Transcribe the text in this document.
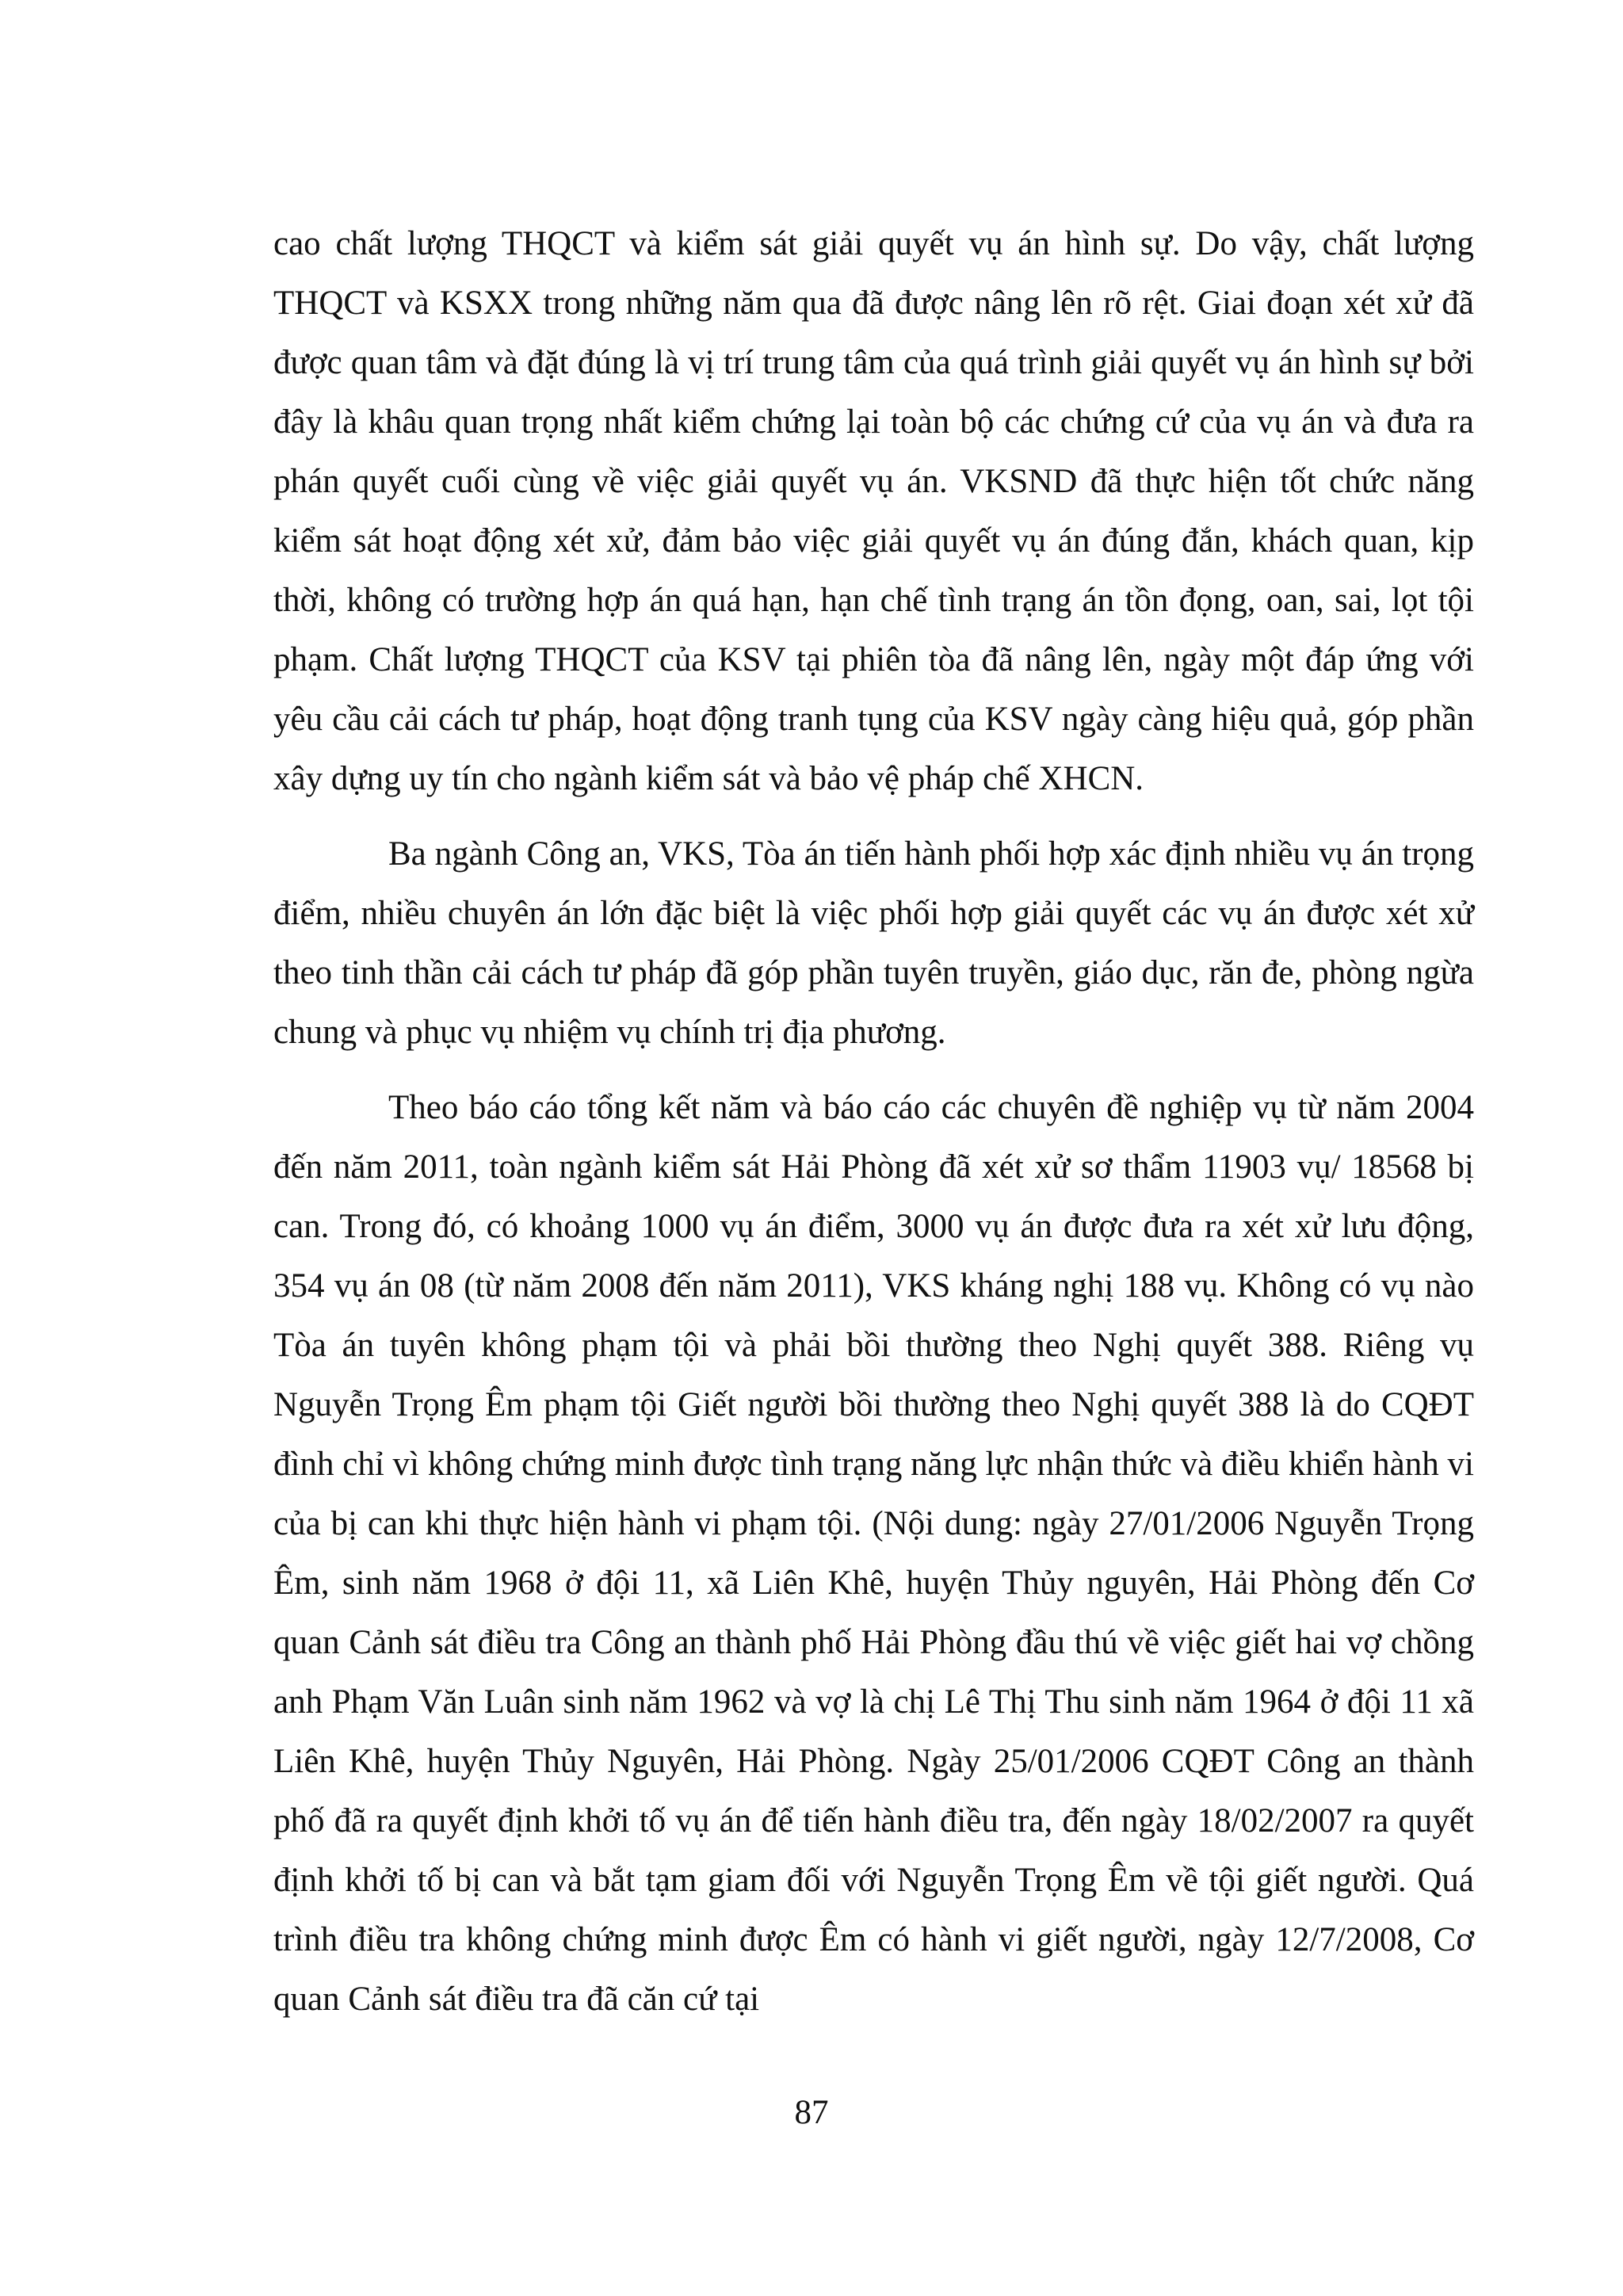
cao chất lượng THQCT và kiểm sát giải quyết vụ án hình sự. Do vậy, chất lượng THQCT và KSXX trong những năm qua đã được nâng lên rõ rệt. Giai đoạn xét xử đã được quan tâm và đặt đúng là vị trí trung tâm của quá trình giải quyết vụ án hình sự bởi đây là khâu quan trọng nhất kiểm chứng lại toàn bộ các chứng cứ của vụ án và đưa ra phán quyết cuối cùng về việc giải quyết vụ án. VKSND đã thực hiện tốt chức năng kiểm sát hoạt động xét xử, đảm bảo việc giải quyết vụ án đúng đắn, khách quan, kịp thời, không có trường hợp án quá hạn, hạn chế tình trạng án tồn đọng, oan, sai, lọt tội phạm. Chất lượng THQCT của KSV tại phiên tòa đã nâng lên, ngày một đáp ứng với yêu cầu cải cách tư pháp, hoạt động tranh tụng của KSV ngày càng hiệu quả, góp phần xây dựng uy tín cho ngành kiểm sát và bảo vệ pháp chế XHCN.

Ba ngành Công an, VKS, Tòa án tiến hành phối hợp xác định nhiều vụ án trọng điểm, nhiều chuyên án lớn đặc biệt là việc phối hợp giải quyết các vụ án được xét xử theo tinh thần cải cách tư pháp đã góp phần tuyên truyền, giáo dục, răn đe, phòng ngừa chung và phục vụ nhiệm vụ chính trị địa phương.

Theo báo cáo tổng kết năm và báo cáo các chuyên đề nghiệp vụ từ năm 2004 đến năm 2011, toàn ngành kiểm sát Hải Phòng đã xét xử sơ thẩm 11903 vụ/ 18568 bị can. Trong đó, có khoảng 1000 vụ án điểm, 3000 vụ án được đưa ra xét xử lưu động, 354 vụ án 08 (từ năm 2008 đến năm 2011), VKS kháng nghị 188 vụ. Không có vụ nào Tòa án tuyên không phạm tội và phải bồi thường theo Nghị quyết 388. Riêng vụ Nguyễn Trọng Êm phạm tội Giết người bồi thường theo Nghị quyết 388 là do CQĐT đình chỉ vì không chứng minh được tình trạng năng lực nhận thức và điều khiển hành vi của bị can khi thực hiện hành vi phạm tội. (Nội dung: ngày 27/01/2006 Nguyễn Trọng Êm, sinh năm 1968 ở đội 11, xã Liên Khê, huyện Thủy nguyên, Hải Phòng đến Cơ quan Cảnh sát điều tra Công an thành phố Hải Phòng đầu thú về việc giết hai vợ chồng anh Phạm Văn Luân sinh năm 1962 và vợ là chị Lê Thị Thu sinh năm 1964 ở đội 11 xã Liên Khê, huyện Thủy Nguyên, Hải Phòng. Ngày 25/01/2006 CQĐT Công an thành phố đã ra quyết định khởi tố vụ án để tiến hành điều tra, đến ngày 18/02/2007 ra quyết định khởi tố bị can và bắt tạm giam đối với Nguyễn Trọng Êm về tội giết người. Quá trình điều tra không chứng minh được Êm có hành vi giết người, ngày 12/7/2008, Cơ quan Cảnh sát điều tra đã căn cứ tại

87
